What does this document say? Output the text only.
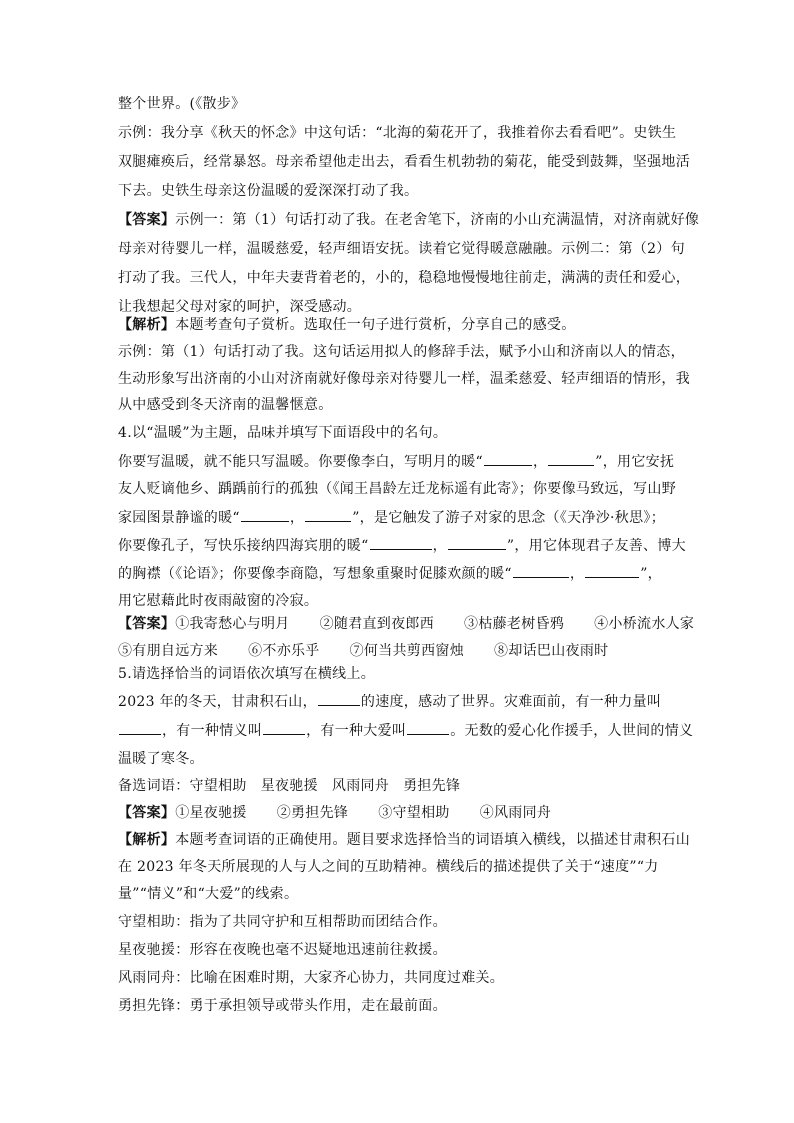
整个世界。(《散步》
示例：我分享《秋天的怀念》中这句话：“北海的菊花开了，我推着你去看看吧”。史铁生
双腿瘫痪后，经常暴怒。母亲希望他走出去，看看生机勃勃的菊花，能受到鼓舞，坚强地活
下去。史铁生母亲这份温暖的爱深深打动了我。
【答案】示例一：第（1）句话打动了我。在老舍笔下，济南的小山充满温情，对济南就好像
母亲对待婴儿一样，温暖慈爱，轻声细语安抚。读着它觉得暖意融融。示例二：第（2）句
打动了我。三代人，中年夫妻背着老的，小的，稳稳地慢慢地往前走，满满的责任和爱心，
让我想起父母对家的呵护，深受感动。
【解析】本题考查句子赏析。选取任一句子进行赏析，分享自己的感受。
示例：第（1）句话打动了我。这句话运用拟人的修辞手法，赋予小山和济南以人的情态，
生动形象写出济南的小山对济南就好像母亲对待婴儿一样，温柔慈爱、轻声细语的情形，我
从中感受到冬天济南的温馨惬意。
4.以“温暖”为主题，品味并填写下面语段中的名句。
你要写温暖，就不能只写温暖。你要像李白，写明月的暖“	，	”，用它安抚
友人贬谪他乡、踽踽前行的孤独（《闻王昌龄左迁龙标遥有此寄》；你要像马致远，写山野
家园图景静谧的暖“	，	”，是它触发了游子对家的思念（《天净沙·秋思》；
你要像孔子，写快乐接纳四海宾朋的暖“	，	”，用它体现君子友善、博大
的胸襟（《论语》；你要像李商隐，写想象重聚时促膝欢颜的暖“	，	”，
用它慰藉此时夜雨敲窗的冷寂。
【答案】①我寄愁心与明月 ②随君直到夜郎西 ③枯藤老树昏鸦 ④小桥流水人家
⑤有朋自远方来 ⑥不亦乐乎 ⑦何当共剪西窗烛 ⑧却话巴山夜雨时
5.请选择恰当的词语依次填写在横线上。
2023 年的冬天，甘肃积石山，	的速度，感动了世界。灾难面前，有一种力量叫
，有一种情义叫	，有一种大爱叫	。无数的爱心化作援手，人世间的情义
温暖了寒冬。
备选词语：守望相助 星夜驰援 风雨同舟 勇担先锋
【答案】①星夜驰援 ②勇担先锋 ③守望相助 ④风雨同舟
【解析】本题考查词语的正确使用。题目要求选择恰当的词语填入横线，以描述甘肃积石山
在 2023 年冬天所展现的人与人之间的互助精神。横线后的描述提供了关于“速度”“力
量”“情义”和“大爱”的线索。
守望相助：指为了共同守护和互相帮助而团结合作。
星夜驰援：形容在夜晚也毫不迟疑地迅速前往救援。
风雨同舟：比喻在困难时期，大家齐心协力，共同度过难关。
勇担先锋：勇于承担领导或带头作用，走在最前面。
